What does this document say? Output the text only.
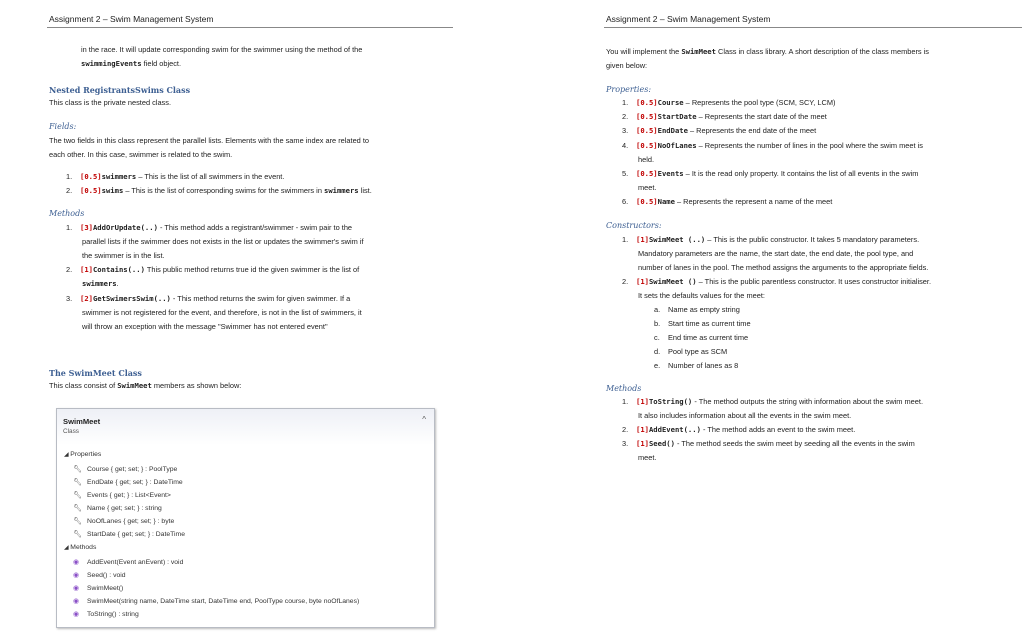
Assignment 2 – Swim Management System
in the race. It will update corresponding swim for the swimmer using the method of the
swimmingEvents field object.
Nested RegistrantsSwims Class
This class is the private nested class.
Fields:
The two fields in this class represent the parallel lists. Elements with the same index are related to
each other. In this case, swimmer is related to the swim.
1. [0.5]swimmers – This is the list of all swimmers in the event.
2. [0.5]swims – This is the list of corresponding swims for the swimmers in swimmers list.
Methods
1. [3]AddOrUpdate(..) - This method adds a registrant/swimmer - swim pair to the
parallel lists if the swimmer does not exists in the list or updates the swimmer's swim if
the swimmer is in the list.
2. [1]Contains(..) This public method returns true id the given swimmer is the list of
swimmers.
3. [2]GetSwimersSwim(..) - This method returns the swim for given swimmer. If a
swimmer is not registered for the event, and therefore, is not in the list of swimmers, it
will throw an exception with the message "Swimmer has not entered event"
The SwimMeet Class
This class consist of SwimMeet members as shown below:
SwimMeet
Class
^
◢ Properties
🔧︎ Course { get; set; } : PoolType
🔧︎ EndDate { get; set; } : DateTime
🔧︎ Events { get; } : List<Event>
🔧︎ Name { get; set; } : string
🔧︎ NoOfLanes { get; set; } : byte
🔧︎ StartDate { get; set; } : DateTime
◢ Methods
◉ AddEvent(Event anEvent) : void
◉ Seed() : void
◉ SwimMeet()
◉ SwimMeet(string name, DateTime start, DateTime end, PoolType course, byte noOfLanes)
◉ ToString() : string
Assignment 2 – Swim Management System
You will implement the SwimMeet Class in class library. A short description of the class members is
given below:
Properties:
1. [0.5]Course – Represents the pool type (SCM, SCY, LCM)
2. [0.5]StartDate – Represents the start date of the meet
3. [0.5]EndDate – Represents the end date of the meet
4. [0.5]NoOfLanes – Represents the number of lines in the pool where the swim meet is
held.
5. [0.5]Events – It is the read only property. It contains the list of all events in the swim
meet.
6. [0.5]Name – Represents the represent a name of the meet
Constructors:
1. [1]SwimMeet (..) – This is the public constructor. It takes 5 mandatory parameters.
Mandatory parameters are the name, the start date, the end date, the pool type, and
number of lanes in the pool. The method assigns the arguments to the appropriate fields.
2. [1]SwimMeet () – This is the public parentless constructor. It uses constructor initialiser.
It sets the defaults values for the meet:
a. Name as empty string
b. Start time as current time
c. End time as current time
d. Pool type as SCM
e. Number of lanes as 8
Methods
1. [1]ToString() - The method outputs the string with information about the swim meet.
It also includes information about all the events in the swim meet.
2. [1]AddEvent(..) - The method adds an event to the swim meet.
3. [1]Seed() - The method seeds the swim meet by seeding all the events in the swim
meet.
